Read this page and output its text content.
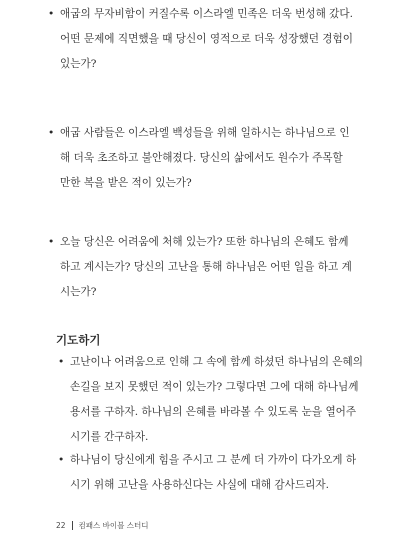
• 애굽의 무자비함이 커질수록 이스라엘 민족은 더욱 번성해 갔다.
어떤 문제에 직면했을 때 당신이 영적으로 더욱 성장했던 경험이
있는가?
• 애굽 사람들은 이스라엘 백성들을 위해 일하시는 하나님으로 인
해 더욱 초조하고 불안해졌다. 당신의 삶에서도 원수가 주목할
만한 복을 받은 적이 있는가?
• 오늘 당신은 어려움에 처해 있는가? 또한 하나님의 은혜도 함께
하고 계시는가? 당신의 고난을 통해 하나님은 어떤 일을 하고 계
시는가?
기도하기
• 고난이나 어려움으로 인해 그 속에 함께 하셨던 하나님의 은혜의
손길을 보지 못했던 적이 있는가? 그렇다면 그에 대해 하나님께
용서를 구하자. 하나님의 은혜를 바라볼 수 있도록 눈을 열어주
시기를 간구하자.
• 하나님이 당신에게 힘을 주시고 그 분께 더 가까이 다가오게 하
시기 위해 고난을 사용하신다는 사실에 대해 감사드리자.
22 컴패스 바이블 스터디
